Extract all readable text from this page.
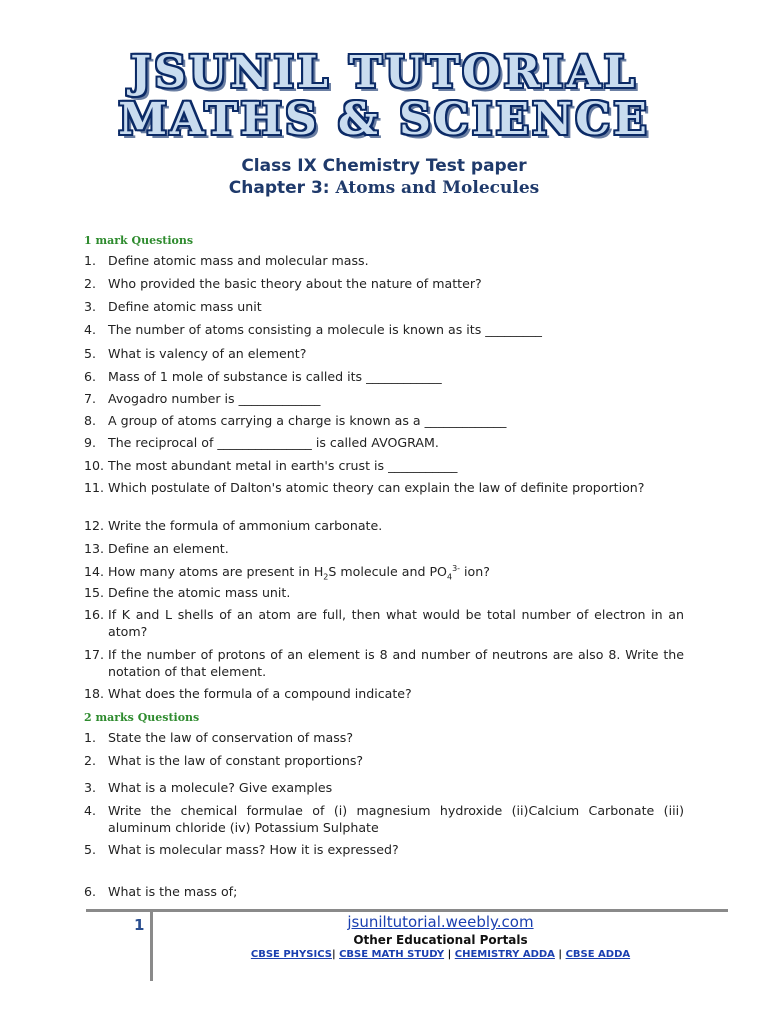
JSUNIL TUTORIAL
MATHS & SCIENCE
Class IX Chemistry Test paper
Chapter 3: Atoms and Molecules
1 mark Questions
1. Define atomic mass and molecular mass.
2. Who provided the basic theory about the nature of matter?
3. Define atomic mass unit
4. The number of atoms consisting a molecule is known as its _________
5. What is valency of an element?
6. Mass of 1 mole of substance is called its ____________
7. Avogadro number is _____________
8. A group of atoms carrying a charge is known as a _____________
9. The reciprocal of _______________ is called AVOGRAM.
10. The most abundant metal in earth's crust is ___________
11. Which postulate of Dalton's atomic theory can explain the law of definite proportion?
12. Write the formula of ammonium carbonate.
13. Define an element.
14. How many atoms are present in $H_2S$ molecule and $PO_4^{3-}$ ion?
15. Define the atomic mass unit.
16. If K and L shells of an atom are full, then what would be total number of electron in an atom?
17. If the number of protons of an element is 8 and number of neutrons are also 8. Write the notation of that element.
18. What does the formula of a compound indicate?
2 marks Questions
1. State the law of conservation of mass?
2. What is the law of constant proportions?
3. What is a molecule? Give examples
4. Write the chemical formulae of (i) magnesium hydroxide (ii)Calcium Carbonate (iii) aluminum chloride (iv) Potassium Sulphate
5. What is molecular mass? How it is expressed?
6. What is the mass of;
1	jsuniltutorial.weebly.com
Other Educational Portals
CBSE PHYSICS| CBSE MATH STUDY | CHEMISTRY ADDA | CBSE ADDA
